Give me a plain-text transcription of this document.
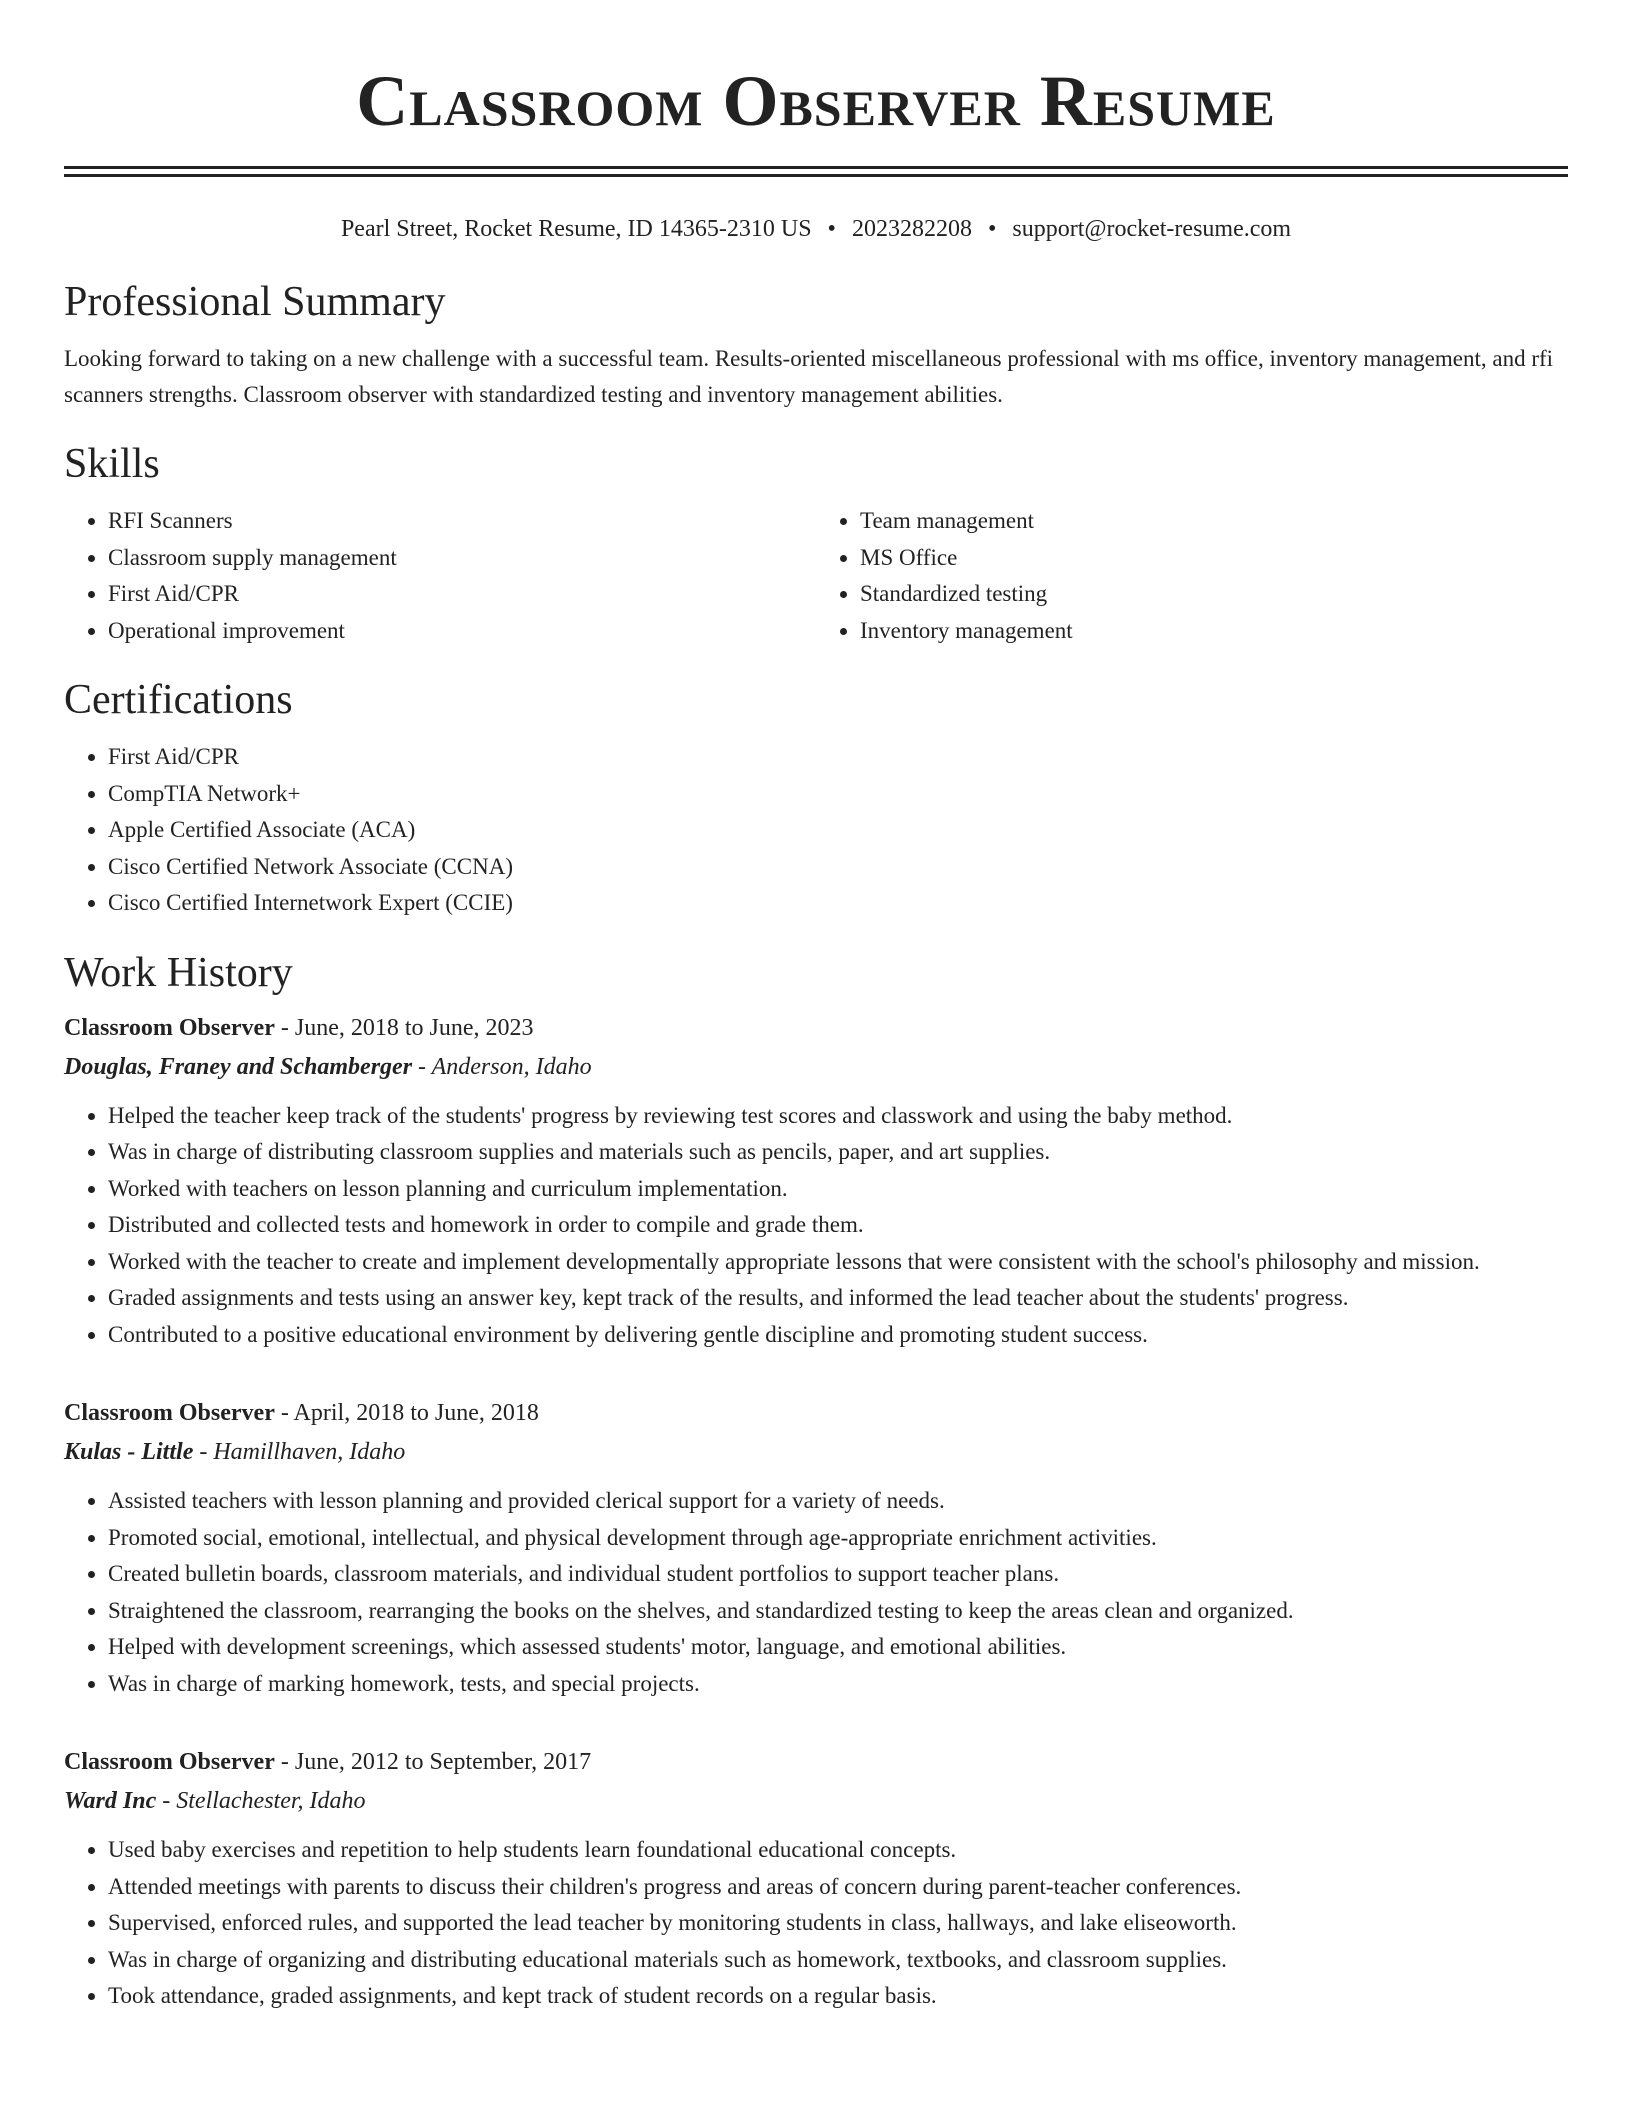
Classroom Observer Resume
Pearl Street, Rocket Resume, ID 14365-2310 US • 2023282208 • support@rocket-resume.com
Professional Summary

Looking forward to taking on a new challenge with a successful team. Results-oriented miscellaneous professional with ms office, inventory management, and rfi scanners strengths. Classroom observer with standardized testing and inventory management abilities.

Skills
• RFI Scanners
• Classroom supply management
• First Aid/CPR
• Operational improvement
• Team management
• MS Office
• Standardized testing
• Inventory management
Certifications
• First Aid/CPR
• CompTIA Network+
• Apple Certified Associate (ACA)
• Cisco Certified Network Associate (CCNA)
• Cisco Certified Internetwork Expert (CCIE)
Work History
Classroom Observer - June, 2018 to June, 2023
Douglas, Franey and Schamberger - Anderson, Idaho
• Helped the teacher keep track of the students' progress by reviewing test scores and classwork and using the baby method.
• Was in charge of distributing classroom supplies and materials such as pencils, paper, and art supplies.
• Worked with teachers on lesson planning and curriculum implementation.
• Distributed and collected tests and homework in order to compile and grade them.
• Worked with the teacher to create and implement developmentally appropriate lessons that were consistent with the school's philosophy and mission.
• Graded assignments and tests using an answer key, kept track of the results, and informed the lead teacher about the students' progress.
• Contributed to a positive educational environment by delivering gentle discipline and promoting student success.
Classroom Observer - April, 2018 to June, 2018
Kulas - Little - Hamillhaven, Idaho
• Assisted teachers with lesson planning and provided clerical support for a variety of needs.
• Promoted social, emotional, intellectual, and physical development through age-appropriate enrichment activities.
• Created bulletin boards, classroom materials, and individual student portfolios to support teacher plans.
• Straightened the classroom, rearranging the books on the shelves, and standardized testing to keep the areas clean and organized.
• Helped with development screenings, which assessed students' motor, language, and emotional abilities.
• Was in charge of marking homework, tests, and special projects.
Classroom Observer - June, 2012 to September, 2017
Ward Inc - Stellachester, Idaho
• Used baby exercises and repetition to help students learn foundational educational concepts.
• Attended meetings with parents to discuss their children's progress and areas of concern during parent-teacher conferences.
• Supervised, enforced rules, and supported the lead teacher by monitoring students in class, hallways, and lake eliseoworth.
• Was in charge of organizing and distributing educational materials such as homework, textbooks, and classroom supplies.
• Took attendance, graded assignments, and kept track of student records on a regular basis.
